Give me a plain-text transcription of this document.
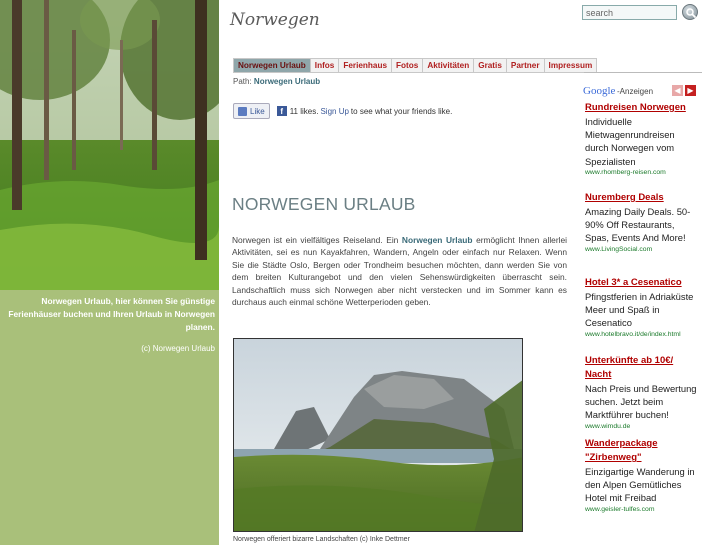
Norwegen Urlaub, hier können Sie günstige Ferienhäuser buchen und Ihren Urlaub in Norwegen planen.
(c) Norwegen Urlaub
Norwegen
search
Norwegen Urlaub	Infos	Ferienhaus	Fotos	Aktivitäten	Gratis	Partner	Impressum
Path: Norwegen Urlaub
Like	f 11 likes. Sign Up to see what your friends like.
NORWEGEN URLAUB
Norwegen ist ein vielfältiges Reiseland. Ein Norwegen Urlaub ermöglicht Ihnen allerlei Aktivitäten, sei es nun Kayakfahren, Wandern, Angeln oder einfach nur Relaxen. Wenn Sie die Städte Oslo, Bergen oder Trondheim besuchen möchten, dann werden Sie von dem breiten Kulturangebot und den vielen Sehenswürdigkeiten überrascht sein. Landschaftlich muss sich Norwegen aber nicht verstecken und im Sommer kann es durchaus auch einmal schöne Wetterperioden geben.
Norwegen offeriert bizarre Landschaften (c) Inke Dettmer
Google -Anzeigen	◀ ▶
Rundreisen Norwegen
Individuelle Mietwagenrundreisen durch Norwegen vom Spezialisten
www.rhomberg-reisen.com
Nuremberg Deals
Amazing Daily Deals. 50-90% Off Restaurants, Spas, Events And More!
www.LivingSocial.com
Hotel 3* a Cesenatico
Pfingstferien in Adriaküste Meer und Spaß in Cesenatico
www.hotelbravo.it/de/index.html
Unterkünfte ab 10€/ Nacht
Nach Preis und Bewertung suchen. Jetzt beim Marktführer buchen!
www.wimdu.de
Wanderpackage "Zirbenweg"
Einzigartige Wanderung in den Alpen Gemütliches Hotel mit Freibad
www.geisler-tulfes.com
